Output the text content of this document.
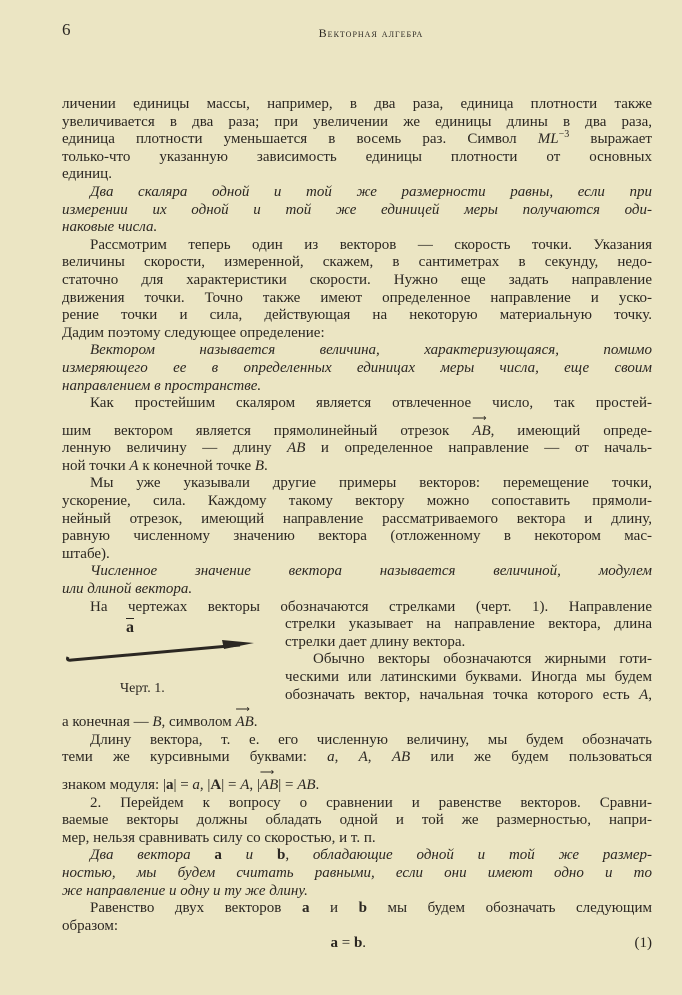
6	Векторная алгебра
$\overline{a}$
Черт. 1.
личении единицы массы, например, в два раза, единица плотности также
увеличивается в два раза; при увеличении же единицы длины в два раза,
единица плотности уменьшается в восемь раз. Символ $ML^{-3}$ выражает
только-что указанную зависимость единицы плотности от основных
единиц.
Два скаляра одной и той же размерности равны, если при
измерении их одной и той же единицей меры получаются оди-
наковые числа.
Рассмотрим теперь один из векторов — скорость точки. Указания
величины скорости, измеренной, скажем, в сантиметрах в секунду, недо-
статочно для характеристики скорости. Нужно еще задать направление
движения точки. Точно также имеют определенное направление и уско-
рение точки и сила, действующая на некоторую материальную точку.
Дадим поэтому следующее определение:
Вектором называется величина, характеризующаяся, помимо
измеряющего ее в определенных единицах меры числа, еще своим
направлением в пространстве.
Как простейшим скаляром является отвлеченное число, так простей-
шим вектором является прямолинейный отрезок ⟶ AB, имеющий опреде-
ленную величину — длину AB и определенное направление — от началь-
ной точки A к конечной точке B.
Мы уже указывали другие примеры векторов: перемещение точки,
ускорение, сила. Каждому такому вектору можно сопоставить прямоли-
нейный отрезок, имеющий направление рассматриваемого вектора и длину,
равную численному значению вектора (отложенному в некотором мас-
штабе).
Численное значение вектора называется величиной, модулем
или длиной вектора.
На чертежах векторы обозначаются стрелками (черт. 1). Направление
стрелки указывает на направление вектора, длина
стрелки дает длину вектора.
Обычно векторы обозначаются жирными готи-
ческими или латинскими буквами. Иногда мы будем
обозначать вектор, начальная точка которого есть A,
а конечная — B, символом ⟶ AB.
Длину вектора, т. е. его численную величину, мы будем обозначать
теми же курсивными буквами: a, A, AB или же будем пользоваться
знаком модуля: |a| = a, |A| = A, |⟶ AB| = AB.
2. Перейдем к вопросу о сравнении и равенстве векторов. Сравни-
ваемые векторы должны обладать одной и той же размерностью, напри-
мер, нельзя сравнивать силу со скоростью, и т. п.
Два вектора a и b, обладающие одной и той же размер-
ностью, мы будем считать равными, если они имеют одно и то
же направление и одну и ту же длину.
Равенство двух векторов a и b мы будем обозначать следующим
образом:
(1)
a = b.
